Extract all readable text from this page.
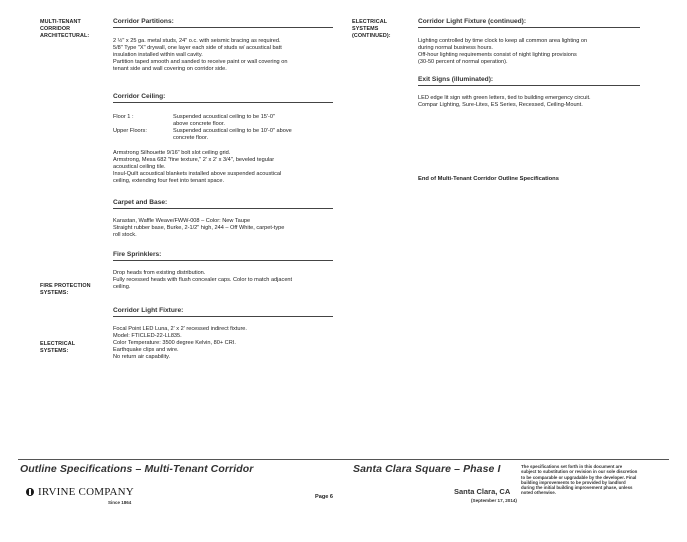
MULTI-TENANT
CORRIDOR
ARCHITECTURAL:
FIRE PROTECTION
SYSTEMS:
ELECTRICAL
SYSTEMS:
Corridor Partitions:

2 ½" x 25 ga. metal studs, 24" o.c. with seismic bracing as required.

5/8" Type "X" drywall, one layer each side of studs w/ acoustical batt

insulation installed within wall cavity.

Partition taped smooth and sanded to receive paint or wall covering on

tenant side and wall covering on corridor side.

Corridor Ceiling:
Floor 1 :	Suspended acoustical ceiling to be 15'-0"

above concrete floor.

Upper Floors:	Suspended acoustical ceiling to be 10'-0" above

concrete floor.

Armstrong Silhouette 9/16" bolt slot ceiling grid.

Armstrong, Mesa 682 "fine texture," 2' x 2' x 3/4", beveled tegular

acoustical ceiling tile.

Insul-Quilt acoustical blankets installed above suspended acoustical

ceiling, extending four feet into tenant space.

Carpet and Base:

Karastan, Waffle Weave/FWW-008 – Color: New Taupe

Straight rubber base, Burke, 2-1/2" high, 244 – Off White, carpet-type

roll stock.

Fire Sprinklers:

Drop heads from existing distribution.

Fully recessed heads with flush concealer caps. Color to match adjacent

ceiling.

Corridor Light Fixture:

Focal Point LED Luna, 2' x 2' recessed indirect fixture.

Model: FTICLED-22-LL835.

Color Temperature: 3500 degree Kelvin, 80+ CRI.

Earthquake clips and wire.

No return air capability.

ELECTRICAL
SYSTEMS
(CONTINUED):
Corridor Light Fixture (continued):

Lighting controlled by time clock to keep all common area lighting on

during normal business hours.

Off-hour lighting requirements consist of night lighting provisions

(30-50 percent of normal operation).

Exit Signs (illuminated):

LED edge lit sign with green letters, tied to building emergency circuit.

Compar Lighting, Sure-Lites, ES Series, Recessed, Ceiling-Mount.

End of Multi-Tenant Corridor Outline Specifications
Outline Specifications – Multi-Tenant Corridor	Santa Clara Square – Phase I
IRVINE COMPANY
Since 1864
Page 6
Santa Clara, CA
(September 17, 2014)
The specifications set forth in this document are
subject to substitution or revision in our sole discretion
to be comparable or upgradable by the developer. Final
building improvements to be provided by landlord
during the initial building improvement phase, unless
noted otherwise.
